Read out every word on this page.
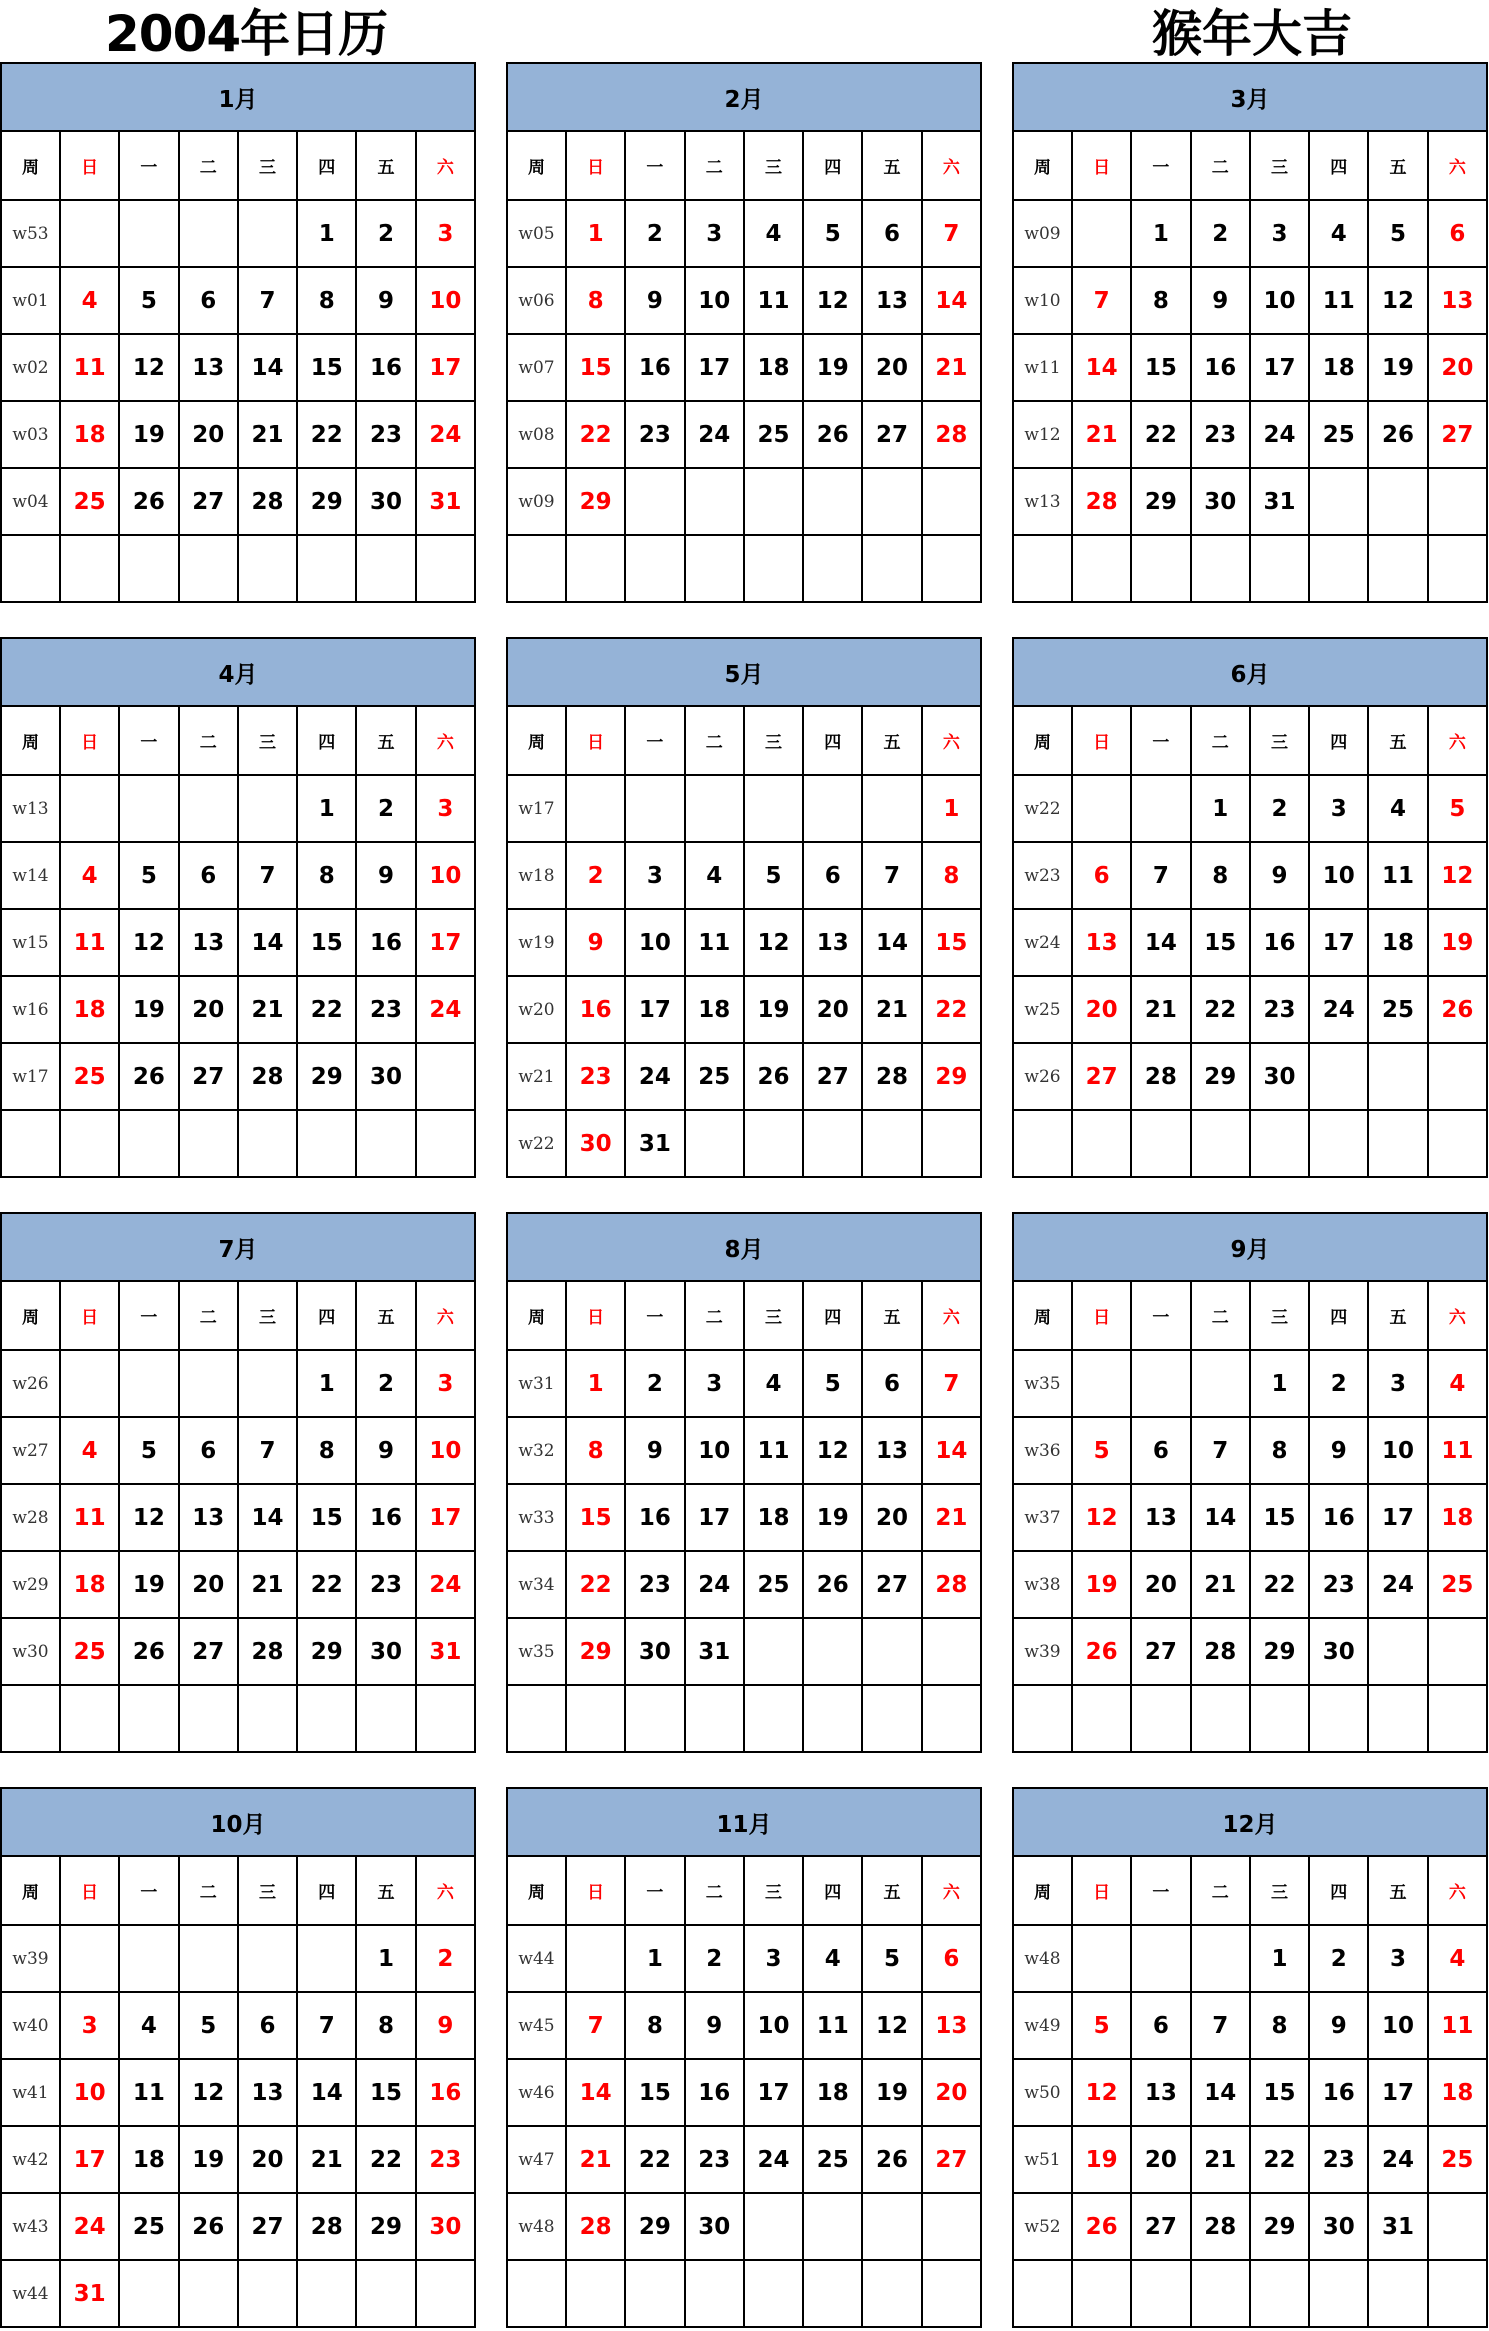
2004年日历	猴年大吉
1月							
周	日	一	二	三	四	五	六
w53					1	2	3
w01	4	5	6	7	8	9	10
w02	11	12	13	14	15	16	17
w03	18	19	20	21	22	23	24
w04	25	26	27	28	29	30	31

2月							
周	日	一	二	三	四	五	六
w05	1	2	3	4	5	6	7
w06	8	9	10	11	12	13	14
w07	15	16	17	18	19	20	21
w08	22	23	24	25	26	27	28
w09	29						

3月							
周	日	一	二	三	四	五	六
w09		1	2	3	4	5	6
w10	7	8	9	10	11	12	13
w11	14	15	16	17	18	19	20
w12	21	22	23	24	25	26	27
w13	28	29	30	31			

4月							
周	日	一	二	三	四	五	六
w13					1	2	3
w14	4	5	6	7	8	9	10
w15	11	12	13	14	15	16	17
w16	18	19	20	21	22	23	24
w17	25	26	27	28	29	30	

5月							
周	日	一	二	三	四	五	六
w17							1
w18	2	3	4	5	6	7	8
w19	9	10	11	12	13	14	15
w20	16	17	18	19	20	21	22
w21	23	24	25	26	27	28	29
w22	30	31					
6月							
周	日	一	二	三	四	五	六
w22			1	2	3	4	5
w23	6	7	8	9	10	11	12
w24	13	14	15	16	17	18	19
w25	20	21	22	23	24	25	26
w26	27	28	29	30			

7月							
周	日	一	二	三	四	五	六
w26					1	2	3
w27	4	5	6	7	8	9	10
w28	11	12	13	14	15	16	17
w29	18	19	20	21	22	23	24
w30	25	26	27	28	29	30	31

8月							
周	日	一	二	三	四	五	六
w31	1	2	3	4	5	6	7
w32	8	9	10	11	12	13	14
w33	15	16	17	18	19	20	21
w34	22	23	24	25	26	27	28
w35	29	30	31				

9月							
周	日	一	二	三	四	五	六
w35				1	2	3	4
w36	5	6	7	8	9	10	11
w37	12	13	14	15	16	17	18
w38	19	20	21	22	23	24	25
w39	26	27	28	29	30		

10月							
周	日	一	二	三	四	五	六
w39						1	2
w40	3	4	5	6	7	8	9
w41	10	11	12	13	14	15	16
w42	17	18	19	20	21	22	23
w43	24	25	26	27	28	29	30
w44	31						
11月							
周	日	一	二	三	四	五	六
w44		1	2	3	4	5	6
w45	7	8	9	10	11	12	13
w46	14	15	16	17	18	19	20
w47	21	22	23	24	25	26	27
w48	28	29	30				

12月							
周	日	一	二	三	四	五	六
w48				1	2	3	4
w49	5	6	7	8	9	10	11
w50	12	13	14	15	16	17	18
w51	19	20	21	22	23	24	25
w52	26	27	28	29	30	31	
